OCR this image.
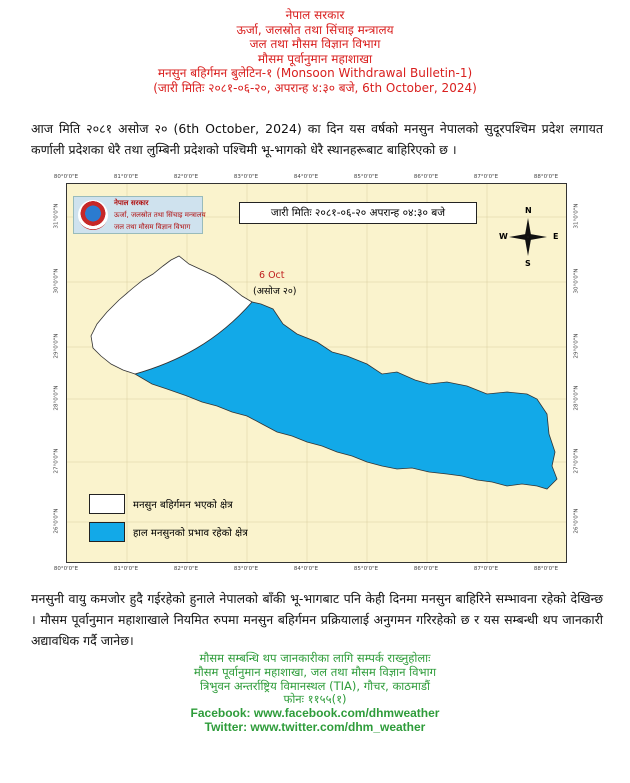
नेपाल सरकार
ऊर्जा, जलस्रोत तथा सिंचाइ मन्त्रालय
जल तथा मौसम विज्ञान विभाग
मौसम पूर्वानुमान महाशाखा
मनसुन बहिर्गमन बुलेटिन-१ (Monsoon Withdrawal Bulletin-1)
(जारी मितिः २०८१-०६-२०, अपरान्ह ४:३० बजे, 6th October, 2024)
आज मिति २०८१ असोज २० (6th October, 2024) का दिन यस वर्षको मनसुन नेपालको सुदूरपश्चिम प्रदेश लगायत कर्णाली प्रदेशका धेरै तथा लुम्बिनी प्रदेशको पश्चिमी भू-भागको धेरै स्थानहरूबाट बाहिरिएको छ ।
नेपाल सरकार
ऊर्जा, जलस्रोत तथा सिंचाइ मन्त्रालय
जल तथा मौसम विज्ञान विभाग
जारी मितिः २०८१-०६-२० अपरान्ह ०४:३० बजे	N
S
W	E
6 Oct
(असोज २०)
मनसुन बहिर्गमन भएको क्षेत्र
हाल मनसुनको प्रभाव रहेको क्षेत्र
80°0'0"E	81°0'0"E	82°0'0"E	83°0'0"E	84°0'0"E	85°0'0"E	86°0'0"E	87°0'0"E	88°0'0"E
80°0'0"E	81°0'0"E	82°0'0"E	83°0'0"E	84°0'0"E	85°0'0"E	86°0'0"E	87°0'0"E	88°0'0"E
31°0'0"N
30°0'0"N
29°0'0"N
28°0'0"N
27°0'0"N
26°0'0"N
31°0'0"N
30°0'0"N
29°0'0"N
28°0'0"N
27°0'0"N
26°0'0"N
मनसुनी वायु कमजोर हुदै गईरहेको हुनाले नेपालको बाँकी भू-भागबाट पनि केही दिनमा मनसुन बाहिरिने सम्भावना रहेको देखिन्छ । मौसम पूर्वानुमान महाशाखाले नियमित रुपमा मनसुन बहिर्गमन प्रक्रियालाई अनुगमन गरिरहेको छ र यस सम्बन्धी थप जानकारी अद्यावधिक गर्दै जानेछ।
मौसम सम्बन्धि थप जानकारीका लागि सम्पर्क राख्नुहोलाः
मौसम पूर्वानुमान महाशाखा, जल तथा मौसम विज्ञान विभाग
त्रिभुवन अन्तर्राष्ट्रिय विमानस्थल (TIA), गौचर, काठमाडौं
फोनः ११५५(१)
Facebook: www.facebook.com/dhmweather
Twitter: www.twitter.com/dhm_weather
